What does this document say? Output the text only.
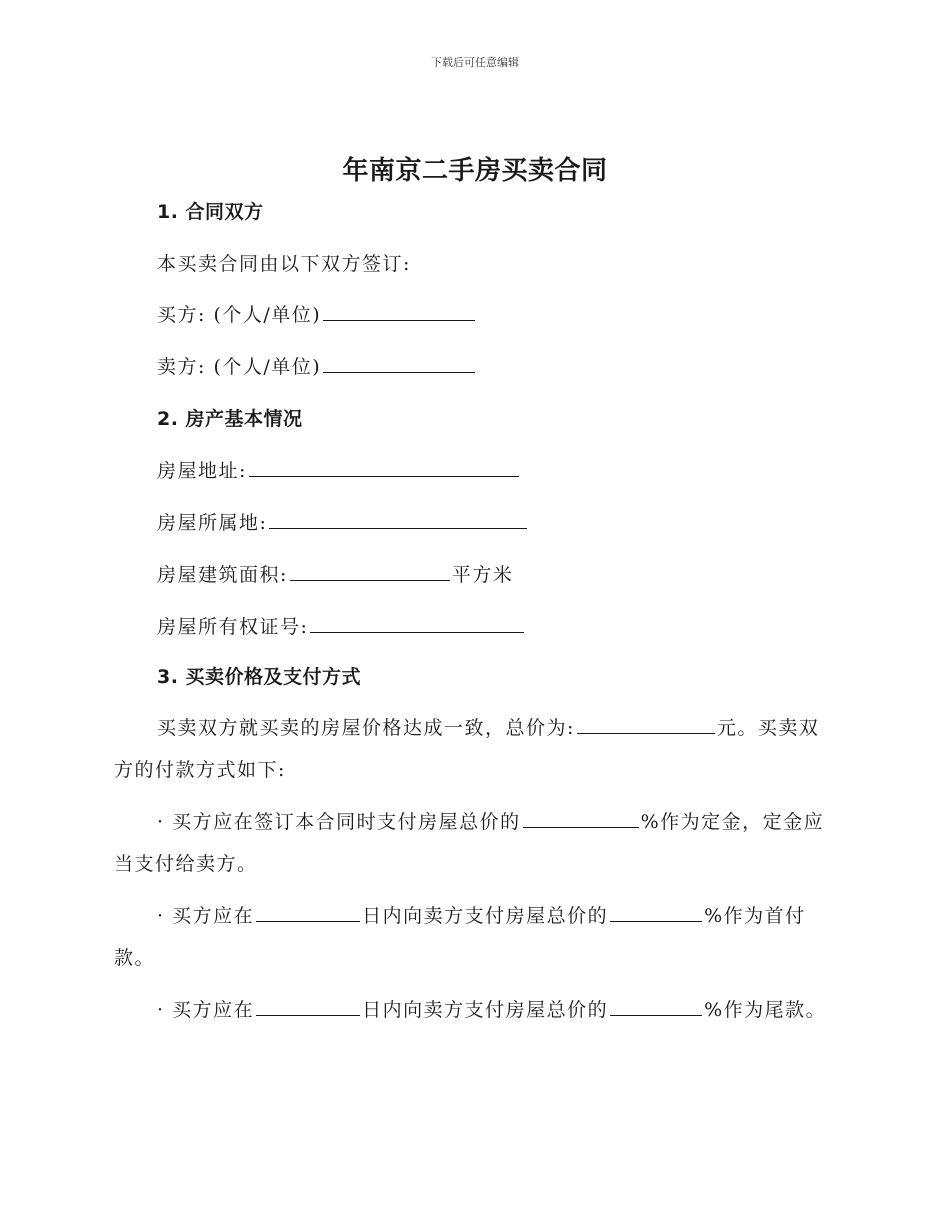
下载后可任意编辑
年南京二手房买卖合同
1. 合同双方
本买卖合同由以下双方签订:
买方: (个人/单位)
卖方: (个人/单位)
2. 房产基本情况
房屋地址:
房屋所属地:
房屋建筑面积:	平方米
房屋所有权证号:
3. 买卖价格及支付方式
买卖双方就买卖的房屋价格达成一致，总价为:	元。买卖双方的付款方式如下:
· 买方应在签订本合同时支付房屋总价的	%作为定金，定金应当支付给卖方。
· 买方应在	日内向卖方支付房屋总价的	%作为首付款。
· 买方应在	日内向卖方支付房屋总价的	%作为尾款。
